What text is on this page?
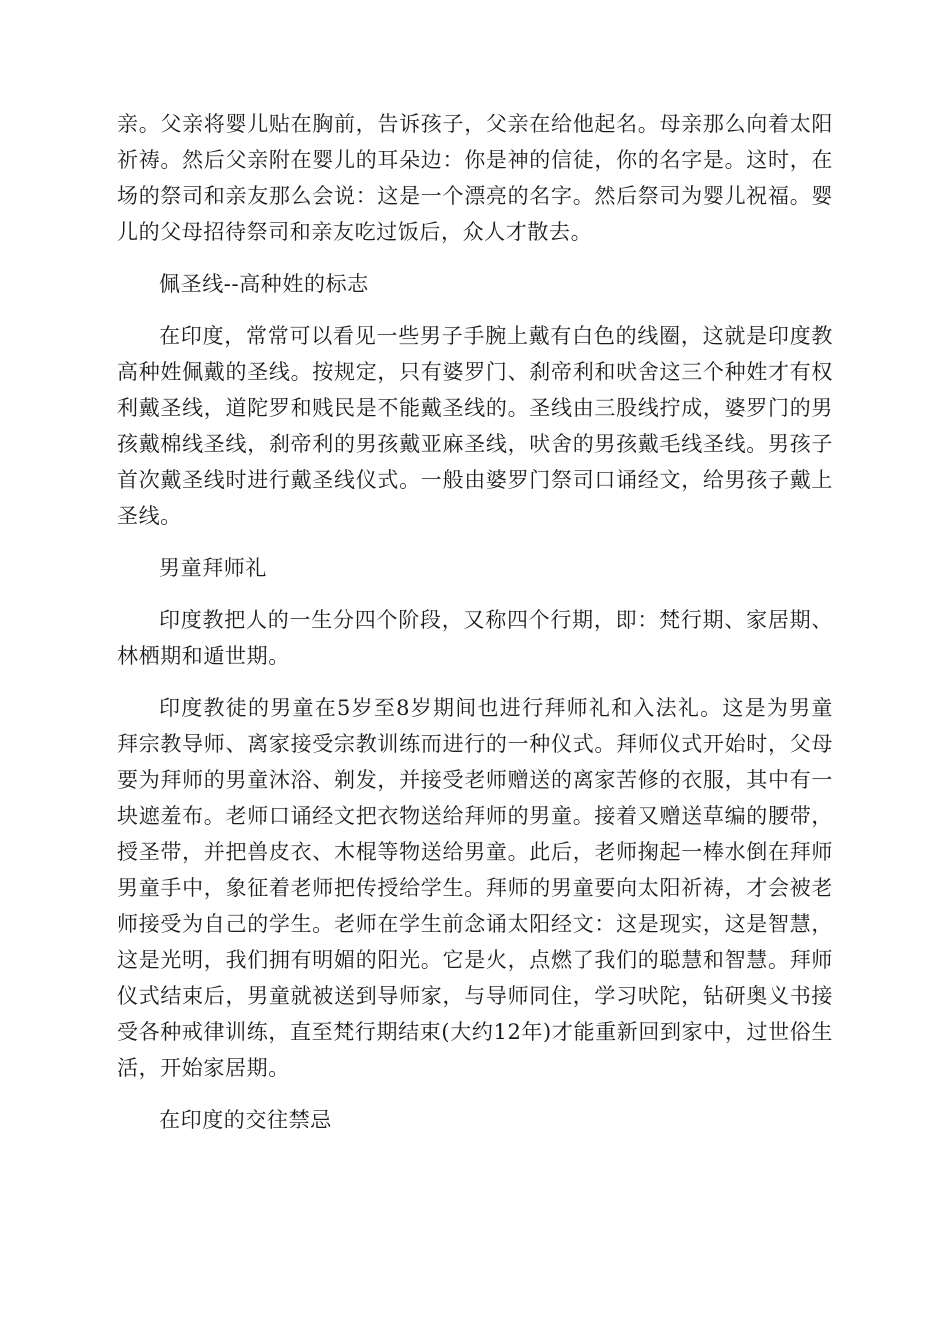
亲。父亲将婴儿贴在胸前，告诉孩子，父亲在给他起名。母亲那么向着太阳祈祷。然后父亲附在婴儿的耳朵边：你是神的信徒，你的名字是。这时，在场的祭司和亲友那么会说：这是一个漂亮的名字。然后祭司为婴儿祝福。婴儿的父母招待祭司和亲友吃过饭后，众人才散去。

佩圣线--高种姓的标志

在印度，常常可以看见一些男子手腕上戴有白色的线圈，这就是印度教高种姓佩戴的圣线。按规定，只有婆罗门、刹帝利和吠舍这三个种姓才有权利戴圣线，道陀罗和贱民是不能戴圣线的。圣线由三股线拧成，婆罗门的男孩戴棉线圣线，刹帝利的男孩戴亚麻圣线，吠舍的男孩戴毛线圣线。男孩子首次戴圣线时进行戴圣线仪式。一般由婆罗门祭司口诵经文，给男孩子戴上圣线。

男童拜师礼

印度教把人的一生分四个阶段，又称四个行期，即：梵行期、家居期、林栖期和遁世期。

印度教徒的男童在5岁至8岁期间也进行拜师礼和入法礼。这是为男童拜宗教导师、离家接受宗教训练而进行的一种仪式。拜师仪式开始时，父母要为拜师的男童沐浴、剃发，并接受老师赠送的离家苦修的衣服，其中有一块遮羞布。老师口诵经文把衣物送给拜师的男童。接着又赠送草编的腰带，授圣带，并把兽皮衣、木棍等物送给男童。此后，老师掬起一棒水倒在拜师男童手中，象征着老师把传授给学生。拜师的男童要向太阳祈祷，才会被老师接受为自己的学生。老师在学生前念诵太阳经文：这是现实，这是智慧，这是光明，我们拥有明媚的阳光。它是火，点燃了我们的聪慧和智慧。拜师仪式结束后，男童就被送到导师家，与导师同住，学习吠陀，钻研奥义书接受各种戒律训练，直至梵行期结束(大约12年)才能重新回到家中，过世俗生活，开始家居期。

在印度的交往禁忌
